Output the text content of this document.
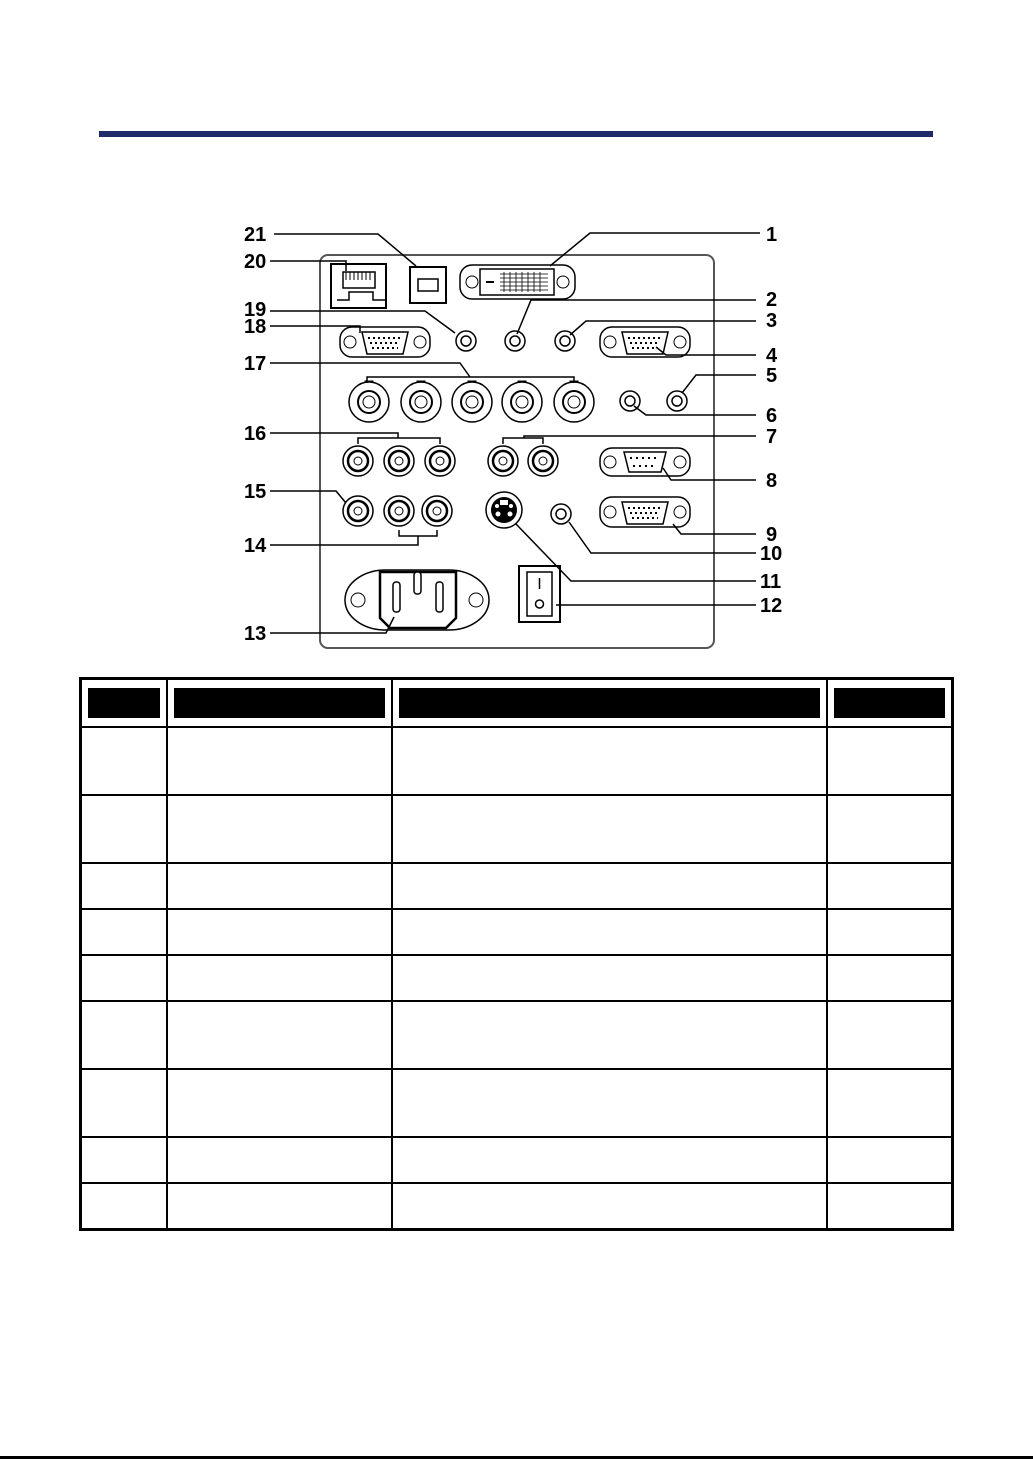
1
2
3
4
5
6
7
8
9
10
11
12
13
14
15
16
17
18
19
20
21
